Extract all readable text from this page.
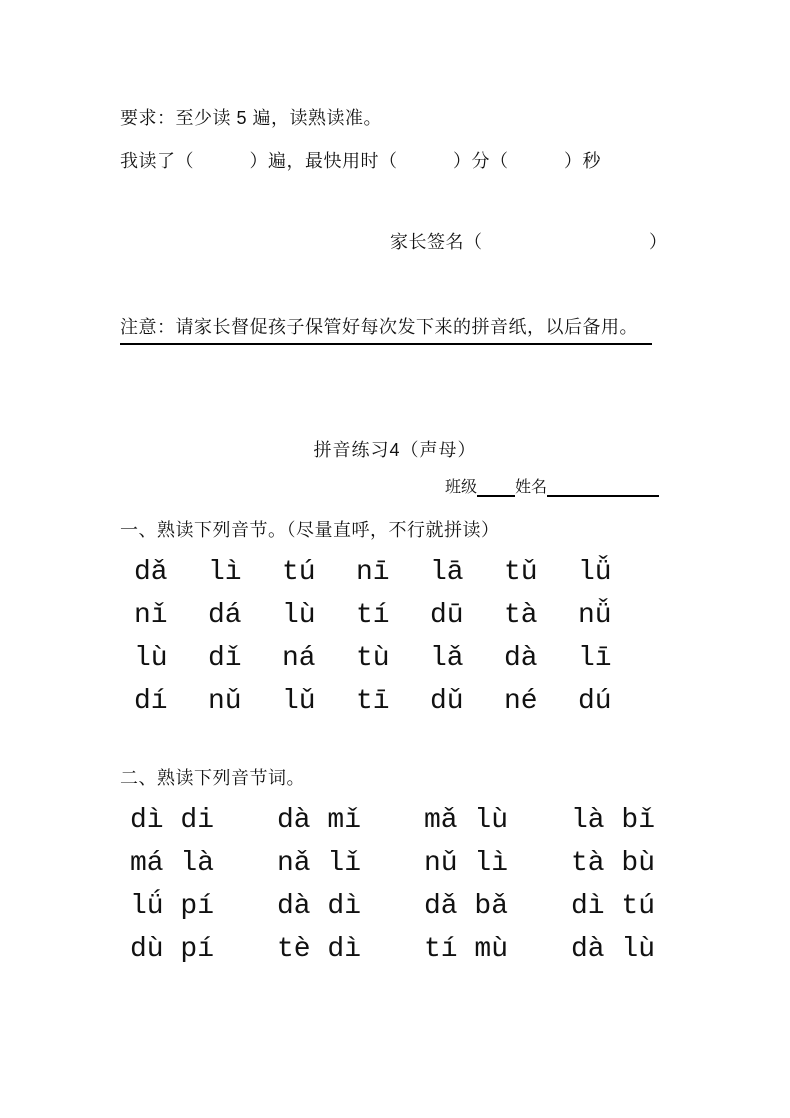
要求：至少读 5 遍，读熟读准。

我读了（　　　）遍，最快用时（　　　）分（　　　）秒

家长签名（　　　　　　　　　）

注意：请家长督促孩子保管好每次发下来的拼音纸，以后备用。

拼音练习4（声母）
班级 姓名

一、熟读下列音节。（尽量直呼，不行就拼读）

dǎ	lì	tú	nī	lā	tǔ	lǚ
nǐ	dá	lù	tí	dū	tà	nǚ
lù	dǐ	ná	tù	lǎ	dà	lī
dí	nǔ	lǔ	tī	dǔ	né	dú

二、熟读下列音节词。

dì di	dà mǐ	mǎ lù	là bǐ
má là	nǎ lǐ	nǔ lì	tà bù
lǘ pí	dà dì	dǎ bǎ	dì tú
dù pí	tè dì	tí mù	dà lù
